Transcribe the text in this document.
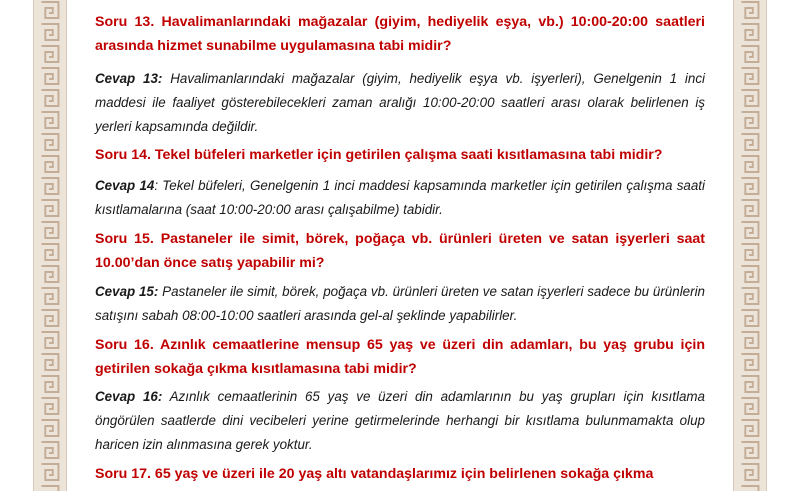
Soru 13. Havalimanlarındaki mağazalar (giyim, hediyelik eşya, vb.) 10:00-20:00 saatleri arasında hizmet sunabilme uygulamasına tabi midir?

Cevap 13: Havalimanlarındaki mağazalar (giyim, hediyelik eşya vb. işyerleri), Genelgenin 1 inci maddesi ile faaliyet gösterebilecekleri zaman aralığı 10:00-20:00 saatleri arası olarak belirlenen iş yerleri kapsamında değildir.

Soru 14. Tekel büfeleri marketler için getirilen çalışma saati kısıtlamasına tabi midir?

Cevap 14: Tekel büfeleri, Genelgenin 1 inci maddesi kapsamında marketler için getirilen çalışma saati kısıtlamalarına (saat 10:00-20:00 arası çalışabilme) tabidir.

Soru 15. Pastaneler ile simit, börek, poğaça vb. ürünleri üreten ve satan işyerleri saat 10.00’dan önce satış yapabilir mi?

Cevap 15: Pastaneler ile simit, börek, poğaça vb. ürünleri üreten ve satan işyerleri sadece bu ürünlerin satışını sabah 08:00-10:00 saatleri arasında gel-al şeklinde yapabilirler.

Soru 16. Azınlık cemaatlerine mensup 65 yaş ve üzeri din adamları, bu yaş grubu için getirilen sokağa çıkma kısıtlamasına tabi midir?

Cevap 16: Azınlık cemaatlerinin 65 yaş ve üzeri din adamlarının bu yaş grupları için kısıtlama öngörülen saatlerde dini vecibeleri yerine getirmelerinde herhangi bir kısıtlama bulunmamakta olup haricen izin alınmasına gerek yoktur.

Soru 17. 65 yaş ve üzeri ile 20 yaş altı vatandaşlarımız için belirlenen sokağa çıkma
